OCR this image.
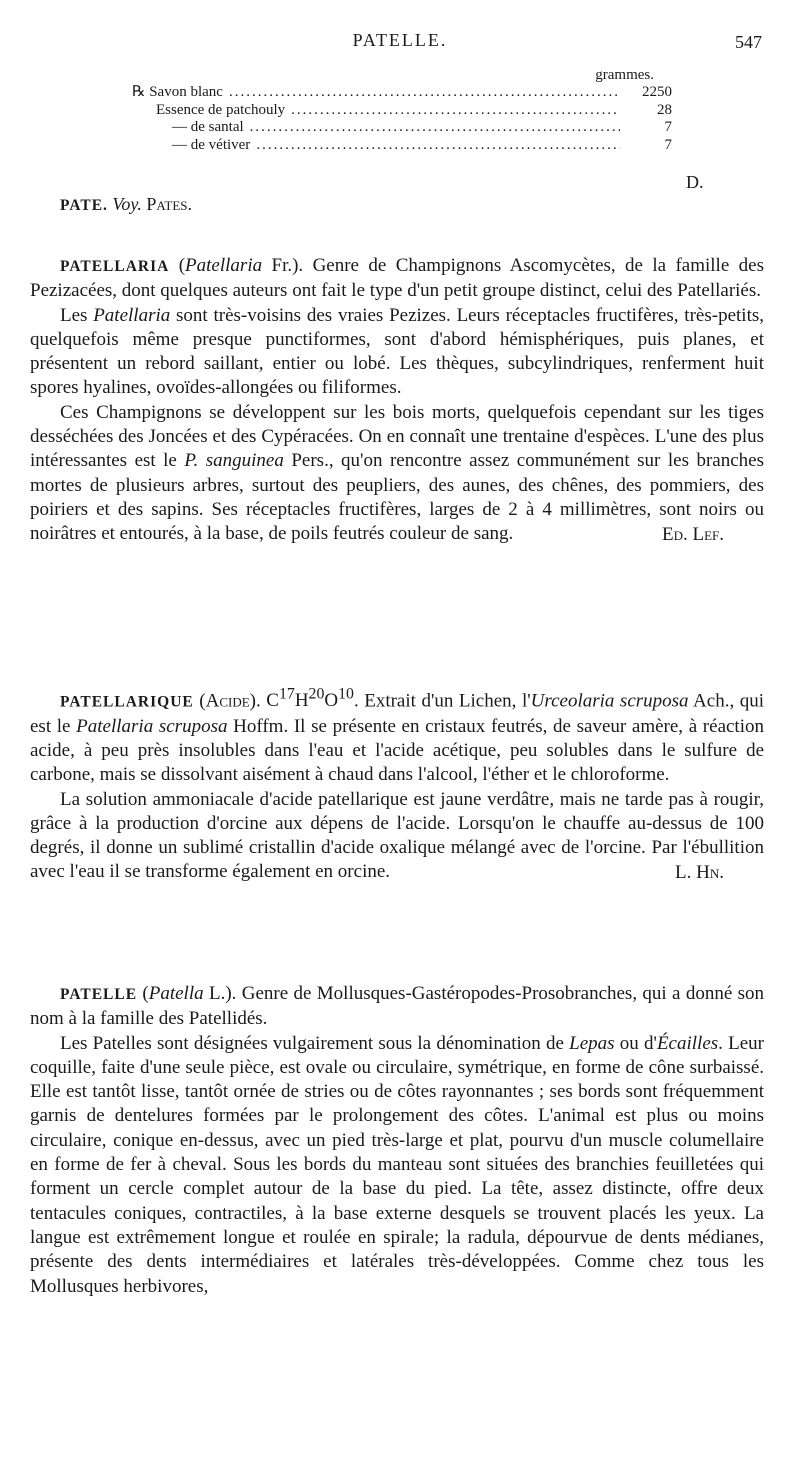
PATELLE.	547
grammes.
℞ Savon blanc .....	2250
Essence de patchouly .....	28
— de santal .....	7
— de vétiver .....	7
D.
PATE. Voy. Pates.

PATELLARIA (Patellaria Fr.). Genre de Champignons Ascomycètes, de la famille des Pezizacées, dont quelques auteurs ont fait le type d'un petit groupe distinct, celui des Patellariés.

Les Patellaria sont très-voisins des vraies Pezizes. Leurs réceptacles fructifères, très-petits, quelquefois même presque punctiformes, sont d'abord hémisphériques, puis planes, et présentent un rebord saillant, entier ou lobé. Les thèques, subcylindriques, renferment huit spores hyalines, ovoïdes-allongées ou filiformes.

Ces Champignons se développent sur les bois morts, quelquefois cependant sur les tiges desséchées des Joncées et des Cypéracées. On en connaît une trentaine d'espèces. L'une des plus intéressantes est le P. sanguinea Pers., qu'on rencontre assez communément sur les branches mortes de plusieurs arbres, surtout des peupliers, des aunes, des chênes, des pommiers, des poiriers et des sapins. Ses réceptacles fructifères, larges de 2 à 4 millimètres, sont noirs ou noirâtres et entourés, à la base, de poils feutrés couleur de sang.	Ed. Lef.

PATELLARIQUE (Acide). $C^{17}H^{20}O^{10}$. Extrait d'un Lichen, l'Urceolaria scruposa Ach., qui est le Patellaria scruposa Hoffm. Il se présente en cristaux feutrés, de saveur amère, à réaction acide, à peu près insolubles dans l'eau et l'acide acétique, peu solubles dans le sulfure de carbone, mais se dissolvant aisément à chaud dans l'alcool, l'éther et le chloroforme.

La solution ammoniacale d'acide patellarique est jaune verdâtre, mais ne tarde pas à rougir, grâce à la production d'orcine aux dépens de l'acide. Lorsqu'on le chauffe au-dessus de 100 degrés, il donne un sublimé cristallin d'acide oxalique mélangé avec de l'orcine. Par l'ébullition avec l'eau il se transforme également en orcine.	L. Hn.

PATELLE (Patella L.). Genre de Mollusques-Gastéropodes-Prosobranches, qui a donné son nom à la famille des Patellidés.

Les Patelles sont désignées vulgairement sous la dénomination de Lepas ou d'Écailles. Leur coquille, faite d'une seule pièce, est ovale ou circulaire, symétrique, en forme de cône surbaissé. Elle est tantôt lisse, tantôt ornée de stries ou de côtes rayonnantes ; ses bords sont fréquemment garnis de dentelures formées par le prolongement des côtes. L'animal est plus ou moins circulaire, conique en-dessus, avec un pied très-large et plat, pourvu d'un muscle columellaire en forme de fer à cheval. Sous les bords du manteau sont situées des branchies feuilletées qui forment un cercle complet autour de la base du pied. La tête, assez distincte, offre deux tentacules coniques, contractiles, à la base externe desquels se trouvent placés les yeux. La langue est extrêmement longue et roulée en spirale; la radula, dépourvue de dents médianes, présente des dents intermédiaires et latérales très-développées. Comme chez tous les Mollusques herbivores,
